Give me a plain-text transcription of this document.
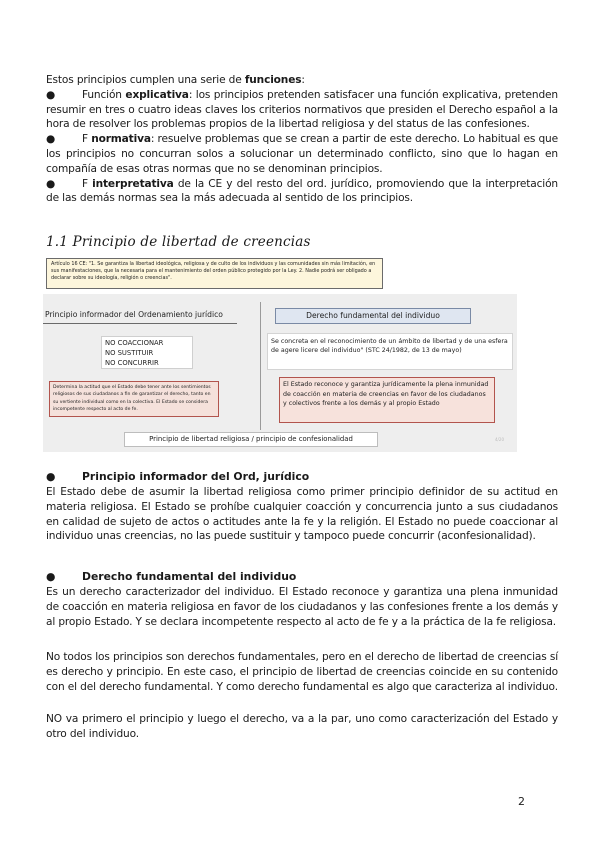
Estos principios cumplen una serie de funciones:
●	Función explicativa: los principios pretenden satisfacer una función explicativa, pretenden resumir en tres o cuatro ideas claves los criterios normativos que presiden el Derecho español a la hora de resolver los problemas propios de la libertad religiosa y del status de las confesiones.
●	F normativa: resuelve problemas que se crean a partir de este derecho. Lo habitual es que los principios no concurran solos a solucionar un determinado conflicto, sino que lo hagan en compañía de esas otras normas que no se denominan principios.
●	F interpretativa de la CE y del resto del ord. jurídico, promoviendo que la interpretación de las demás normas sea la más adecuada al sentido de los principios.
1.1 Principio de libertad de creencias
Artículo 16 CE: "1. Se garantiza la libertad ideológica, religiosa y de culto de los individuos y las comunidades sin más limitación, en sus manifestaciones, que la necesaria para el mantenimiento del orden público protegido por la Ley. 2. Nadie podrá ser obligado a declarar sobre su ideología, religión o creencias".
Principio informador del Ordenamiento jurídico	Derecho fundamental del individuo
NO COACCIONAR
NO SUSTITUIR
NO CONCURRIR
Determina la actitud que el Estado debe tener ante los sentimientos religiosos de sus ciudadanos a fin de garantizar el derecho, tanto en su vertiente individual como en la colectiva. El Estado se considera incompetente respecto al acto de fe.
Se concreta en el reconocimiento de un ámbito de libertad y de una esfera de agere licere del individuo" (STC 24/1982, de 13 de mayo)
El Estado reconoce y garantiza jurídicamente la plena inmunidad de coacción en materia de creencias en favor de los ciudadanos y colectivos frente a los demás y al propio Estado
Principio de libertad religiosa / principio de confesionalidad	4/20
● Principio informador del Ord, jurídico
El Estado debe de asumir la libertad religiosa como primer principio definidor de su actitud en materia religiosa. El Estado se prohíbe cualquier coacción y concurrencia junto a sus ciudadanos en calidad de sujeto de actos o actitudes ante la fe y la religión. El Estado no puede coaccionar al individuo unas creencias, no las puede sustituir y tampoco puede concurrir (aconfesionalidad).
● Derecho fundamental del individuo
Es un derecho caracterizador del individuo. El Estado reconoce y garantiza una plena inmunidad de coacción en materia religiosa en favor de los ciudadanos y las confesiones frente a los demás y al propio Estado. Y se declara incompetente respecto al acto de fe y a la práctica de la fe religiosa.
No todos los principios son derechos fundamentales, pero en el derecho de libertad de creencias sí es derecho y principio. En este caso, el principio de libertad de creencias coincide en su contenido con el del derecho fundamental. Y como derecho fundamental es algo que caracteriza al individuo.
NO va primero el principio y luego el derecho, va a la par, uno como caracterización del Estado y otro del individuo.
2
